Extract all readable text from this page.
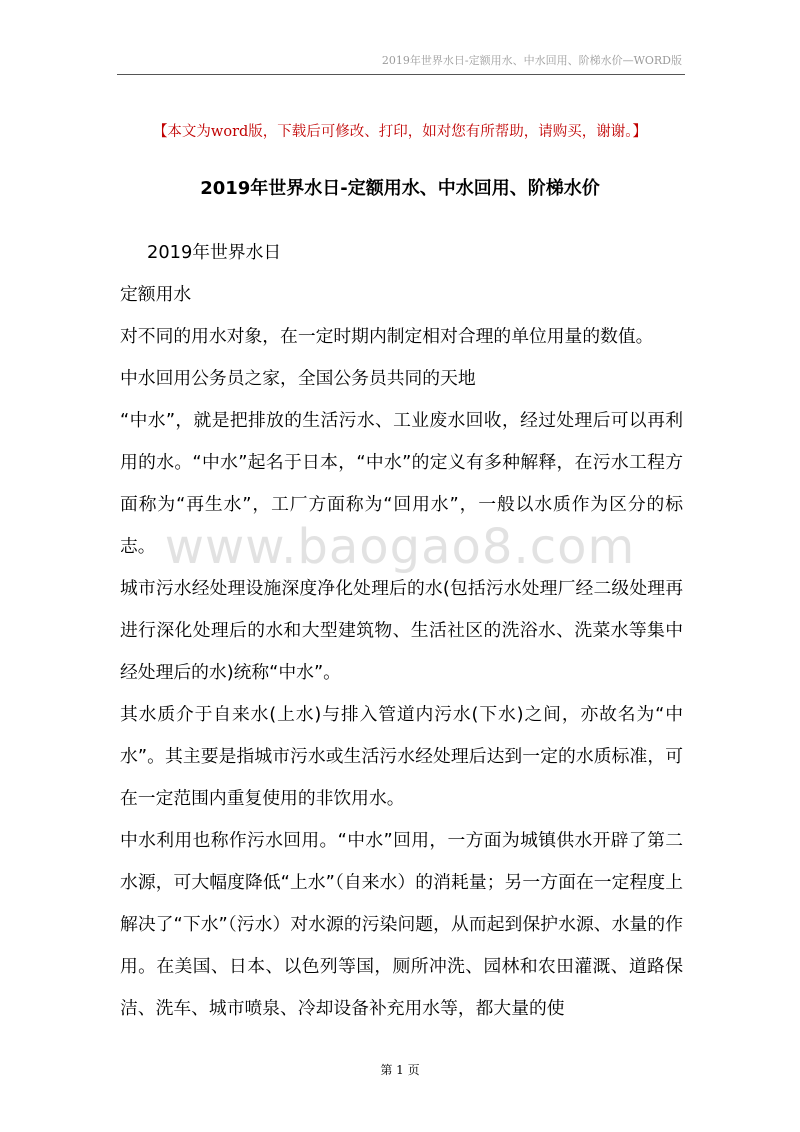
2019年世界水日-定额用水、中水回用、阶梯水价—WORD版
【本文为word版，下载后可修改、打印，如对您有所帮助，请购买，谢谢。】
2019年世界水日-定额用水、中水回用、阶梯水价

2019年世界水日

定额用水

对不同的用水对象，在一定时期内制定相对合理的单位用量的数值。

中水回用公务员之家，全国公务员共同的天地

“中水”，就是把排放的生活污水、工业废水回收，经过处理后可以再利用的水。“中水”起名于日本，“中水”的定义有多种解释，在污水工程方面称为“再生水”，工厂方面称为“回用水”，一般以水质作为区分的标志。

城市污水经处理设施深度净化处理后的水(包括污水处理厂经二级处理再进行深化处理后的水和大型建筑物、生活社区的洗浴水、洗菜水等集中经处理后的水)统称“中水”。

其水质介于自来水(上水)与排入管道内污水(下水)之间，亦故名为“中水”。其主要是指城市污水或生活污水经处理后达到一定的水质标准，可在一定范围内重复使用的非饮用水。

中水利用也称作污水回用。“中水”回用，一方面为城镇供水开辟了第二水源，可大幅度降低“上水”（自来水）的消耗量；另一方面在一定程度上解决了“下水”（污水）对水源的污染问题，从而起到保护水源、水量的作用。在美国、日本、以色列等国，厕所冲洗、园林和农田灌溉、道路保洁、洗车、城市喷泉、冷却设备补充用水等，都大量的使

www.baogao8.com
第 1 页
